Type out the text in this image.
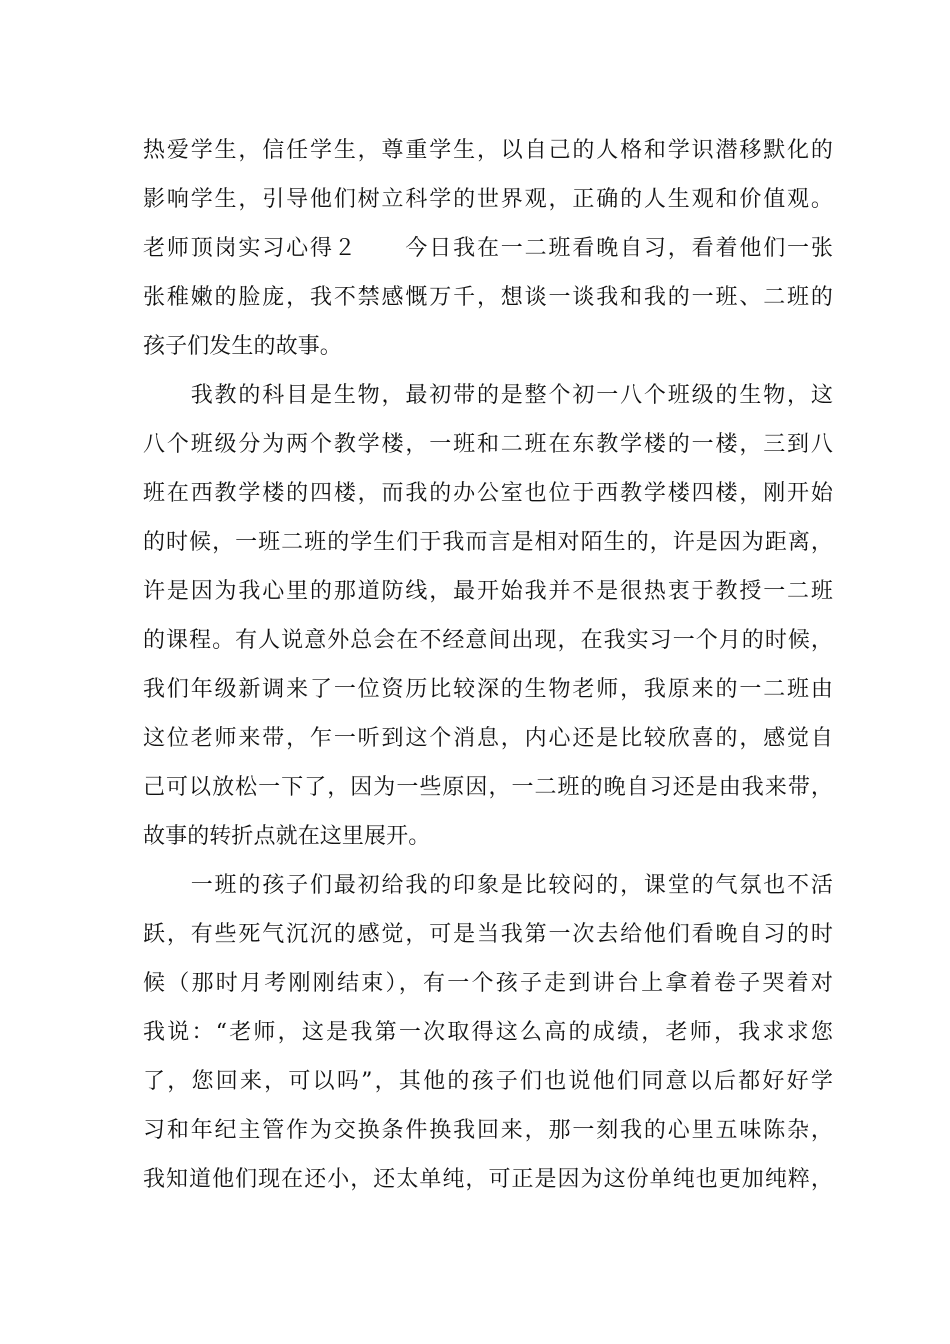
热爱学生，信任学生，尊重学生，以自己的人格和学识潜移默化的
影响学生，引导他们树立科学的世界观，正确的人生观和价值观。
老师顶岗实习心得２　　今日我在一二班看晚自习，看着他们一张
张稚嫩的脸庞，我不禁感慨万千，想谈一谈我和我的一班、二班的
孩子们发生的故事。
　　我教的科目是生物，最初带的是整个初一八个班级的生物，这
八个班级分为两个教学楼，一班和二班在东教学楼的一楼，三到八
班在西教学楼的四楼，而我的办公室也位于西教学楼四楼，刚开始
的时候，一班二班的学生们于我而言是相对陌生的，许是因为距离，
许是因为我心里的那道防线，最开始我并不是很热衷于教授一二班
的课程。有人说意外总会在不经意间出现，在我实习一个月的时候，
我们年级新调来了一位资历比较深的生物老师，我原来的一二班由
这位老师来带，乍一听到这个消息，内心还是比较欣喜的，感觉自
己可以放松一下了，因为一些原因，一二班的晚自习还是由我来带，
故事的转折点就在这里展开。
　　一班的孩子们最初给我的印象是比较闷的，课堂的气氛也不活
跃，有些死气沉沉的感觉，可是当我第一次去给他们看晚自习的时
候（那时月考刚刚结束），有一个孩子走到讲台上拿着卷子哭着对
我说：“老师，这是我第一次取得这么高的成绩，老师，我求求您
了，您回来，可以吗”，其他的孩子们也说他们同意以后都好好学
习和年纪主管作为交换条件换我回来，那一刻我的心里五味陈杂，
我知道他们现在还小，还太单纯，可正是因为这份单纯也更加纯粹，
